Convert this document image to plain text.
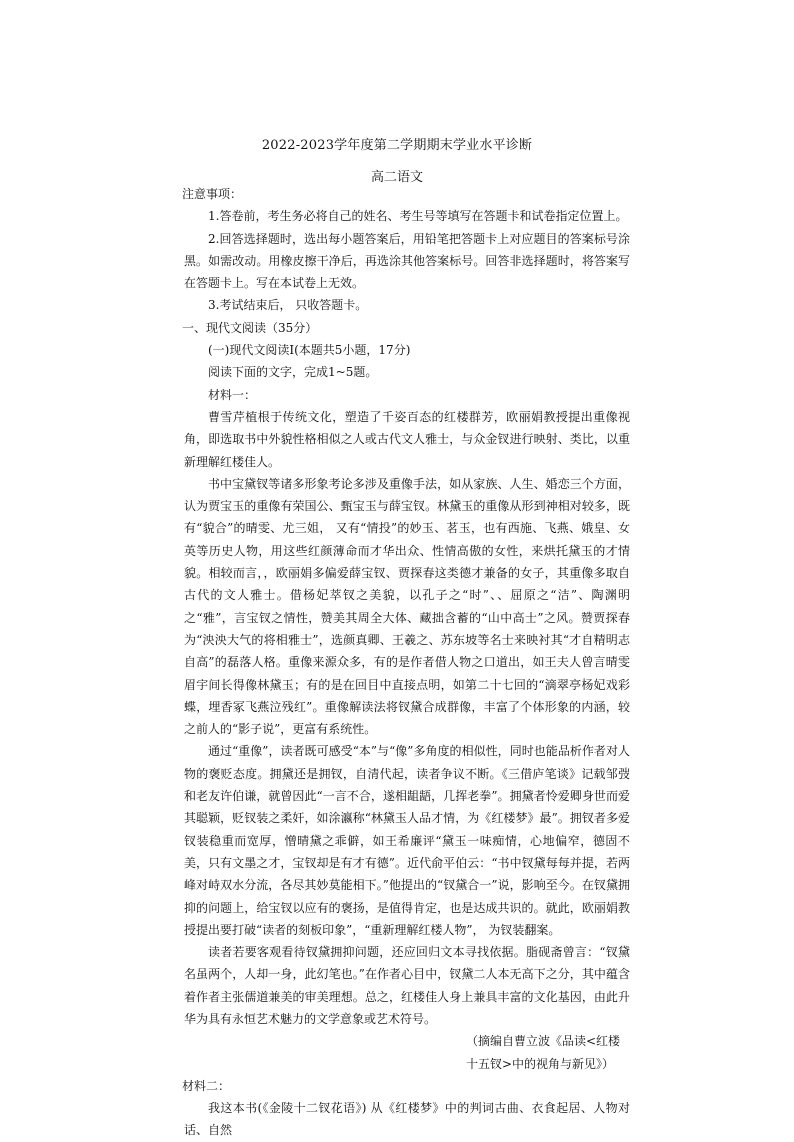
2022-2023学年度第二学期期末学业水平诊断
高二语文

注意事项：

1.答卷前，考生务必将自己的姓名、考生号等填写在答题卡和试卷指定位置上。

2.回答选择题时，选出每小题答案后，用铅笔把答题卡上对应题目的答案标号涂黑。如需改动。用橡皮擦干净后，再选涂其他答案标号。回答非选择题时，将答案写在答题卡上。写在本试卷上无效。

3.考试结束后， 只收答题卡。

一、现代文阅读（35分）

(一)现代文阅读Ⅰ(本题共5小题，17分)

阅读下面的文字，完成1~5题。

材料一：

曹雪芹植根于传统文化，塑造了千姿百态的红楼群芳，欧丽娟教授提出重像视角，即选取书中外貌性格相似之人或古代文人雅士，与众金钗进行映射、类比，以重新理解红楼佳人。

书中宝黛钗等诸多形象考论多涉及重像手法，如从家族、人生、婚恋三个方面，认为贾宝玉的重像有荣国公、甄宝玉与薛宝钗。林黛玉的重像从形到神相对较多，既有“貌合”的晴雯、尤三姐， 又有“情投”的妙玉、茗玉，也有西施、飞燕、娥皇、女英等历史人物，用这些红颜薄命而才华出众、性情高傲的女性，来烘托黛玉的才情貌。相较而言，，欧丽娟多偏爱薛宝钗、贾探春这类德才兼备的女子，其重像多取自古代的文人雅士。借杨妃萃钗之美貌，以孔子之“时”、、屈原之“洁”、陶渊明之“雅”，言宝钗之情性，赞美其周全大体、藏拙含蓄的“山中高士”之风。赞贾探春为“泱泱大气的将相雅士”，选颜真卿、王羲之、苏东坡等名士来映衬其“才自精明志自高”的磊落人格。重像来源众多，有的是作者借人物之口道出，如王夫人曾言晴雯眉宇间长得像林黛玉；有的是在回目中直接点明，如第二十七回的“滴翠亭杨妃戏彩蝶，埋香冢飞燕泣残红”。重像解读法将钗黛合成群像，丰富了个体形象的内涵，较之前人的“影子说”，更富有系统性。

通过“重像”，读者既可感受“本”与“像”多角度的相似性，同时也能品析作者对人物的褒贬态度。拥黛还是拥钗，自清代起，读者争议不断。《三借庐笔谈》记载邹弢和老友许伯谦，就曾因此“一言不合，遂相龃龉，几挥老拳”。拥黛者怜爱卿身世而爱其聪颖，贬钗装之柔奸，如涂瀛称“林黛玉人品才情，为《红楼梦》最”。拥钗者多爱钗装稳重而宽厚，憎晴黛之乖僻，如王希廉评“黛玉一味痴情，心地偏窄，德固不美，只有文墨之才，宝钗却是有才有德”。近代俞平伯云：“书中钗黛每每并提，若两峰对峙双水分流，各尽其妙莫能相下。”他提出的“钗黛合一”说，影响至今。在钗黛拥抑的问题上，给宝钗以应有的褒扬，是值得肯定，也是达成共识的。就此，欧丽娟教授提出要打破“读者的刻板印象”，“重新理解红楼人物”， 为钗装翻案。

读者若要客观看待钗黛拥抑问题，还应回归文本寻找依据。脂砚斋曾言：“钗黛名虽两个，人却一身，此幻笔也。”在作者心目中，钗黛二人本无高下之分，其中蕴含着作者主张儒道兼美的审美理想。总之，红楼佳人身上兼具丰富的文化基因，由此升华为具有永恒艺术魅力的文学意象或艺术符号。

（摘编自曹立波《品读<红楼十五钗>中的视角与新见》）

材料二：

我这本书(《金陵十二钗花语》) 从《红楼梦》中的判词古曲、衣食起居、人物对话、自然
